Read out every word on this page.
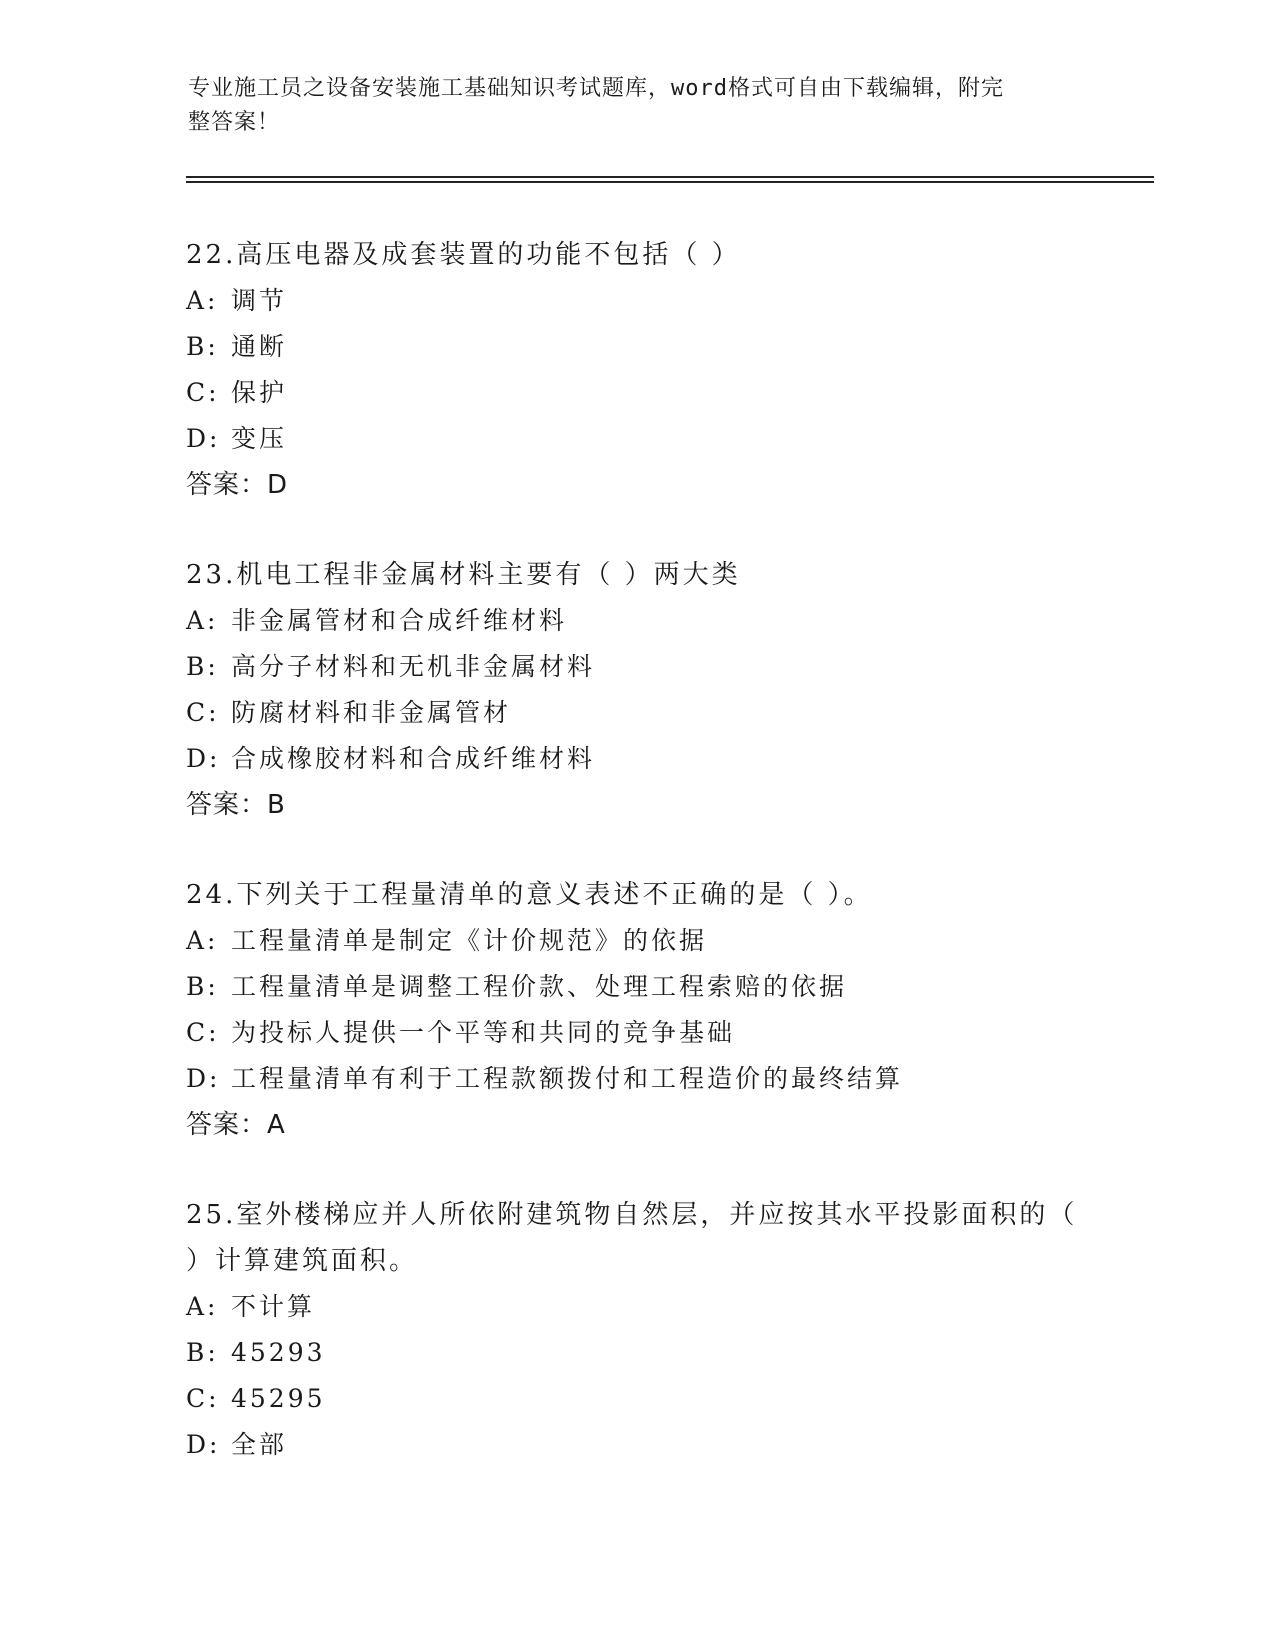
专业施工员之设备安装施工基础知识考试题库，word格式可自由下载编辑，附完
整答案！

22.高压电器及成套装置的功能不包括（ ）

A: 调节

B: 通断

C: 保护

D: 变压

答案：D

23.机电工程非金属材料主要有（ ）两大类

A: 非金属管材和合成纤维材料

B: 高分子材料和无机非金属材料

C: 防腐材料和非金属管材

D: 合成橡胶材料和合成纤维材料

答案：B

24.下列关于工程量清单的意义表述不正确的是（ ）。

A: 工程量清单是制定《计价规范》的依据

B: 工程量清单是调整工程价款、处理工程索赔的依据

C: 为投标人提供一个平等和共同的竞争基础

D: 工程量清单有利于工程款额拨付和工程造价的最终结算

答案：A

25.室外楼梯应并人所依附建筑物自然层，并应按其水平投影面积的（

）计算建筑面积。

A: 不计算

B: 45293

C: 45295

D: 全部
